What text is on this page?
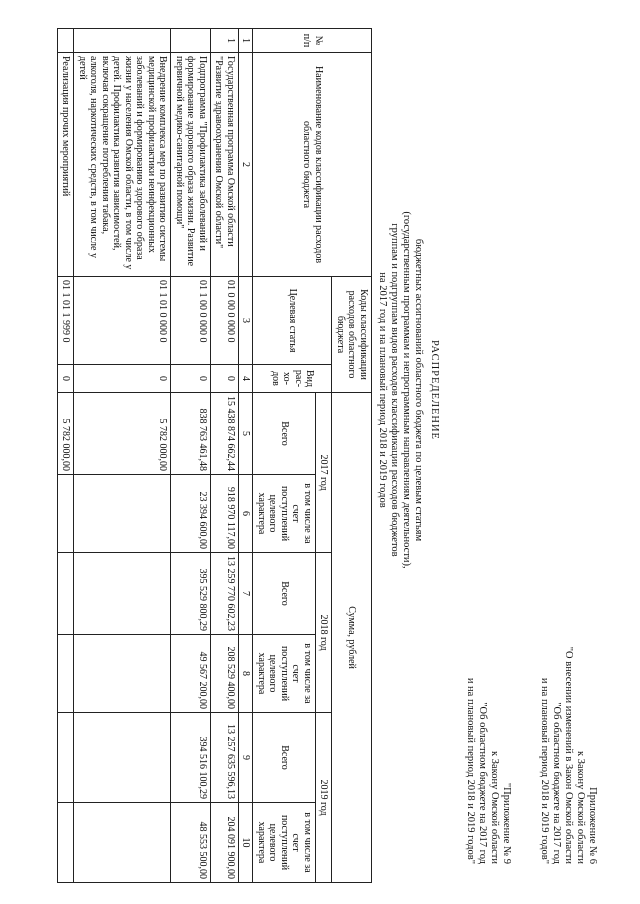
Приложение № 6
к Закону Омской области
"О внесении изменений в Закон Омской области
"Об областном бюджете на 2017 год
и на плановый период 2018 и 2019 годов"
"Приложение № 9
к Закону Омской области
"Об областном бюджете на 2017 год
и на плановый период 2018 и 2019 годов"
РАСПРЕДЕЛЕНИЕ
бюджетных ассигнований областного бюджета по целевым статьям
(государственным программам и непрограммным направлениям деятельности),
группам и подгруппам видов расходов классификации расходов бюджетов
на 2017 год и на плановый период 2018 и 2019 годов
№ п/п	Наименование кодов классификации расходов областного бюджета	Коды классификации расходов областного бюджета		Сумма, рублей					
		Целевая статья	Вид рас-хо-дов	2017 год		2018 год		2019 год	
				Всего	в том числе за счет поступлений целевого характера	Всего	в том числе за счет поступлений целевого характера	Всего	в том числе за счет поступлений целевого характера
1	2	3	4	5	6	7	8	9	10
1	Государственная программа Омской области "Развитие здравоохранения Омской области"	01 0 00 0 000 0	0	15 438 874 662,44	918 970 117,00	13 259 770 602,23	208 529 400,00	13 257 635 596,13	204 091 900,00
	Подпрограмма "Профилактика заболеваний и формирование здорового образа жизни. Развитие первичной медико-санитарной помощи"	01 1 00 0 000 0	0	838 763 461,48	23 394 600,00	395 529 800,29	49 567 200,00	394 516 100,29	48 553 500,00
	Внедрение комплекса мер по развитию системы медицинской профилактики неинфекционных заболеваний и формированию здорового образа жизни у населения Омской области, в том числе у детей. Профилактика развития зависимостей, включая сокращение потребления табака, алкоголя, наркотических средств, в том числе у детей	01 1 01 0 000 0	0	5 782 000,00					
	Реализация прочих мероприятий	01 1 01 1 999 0	0	5 782 000,00					
